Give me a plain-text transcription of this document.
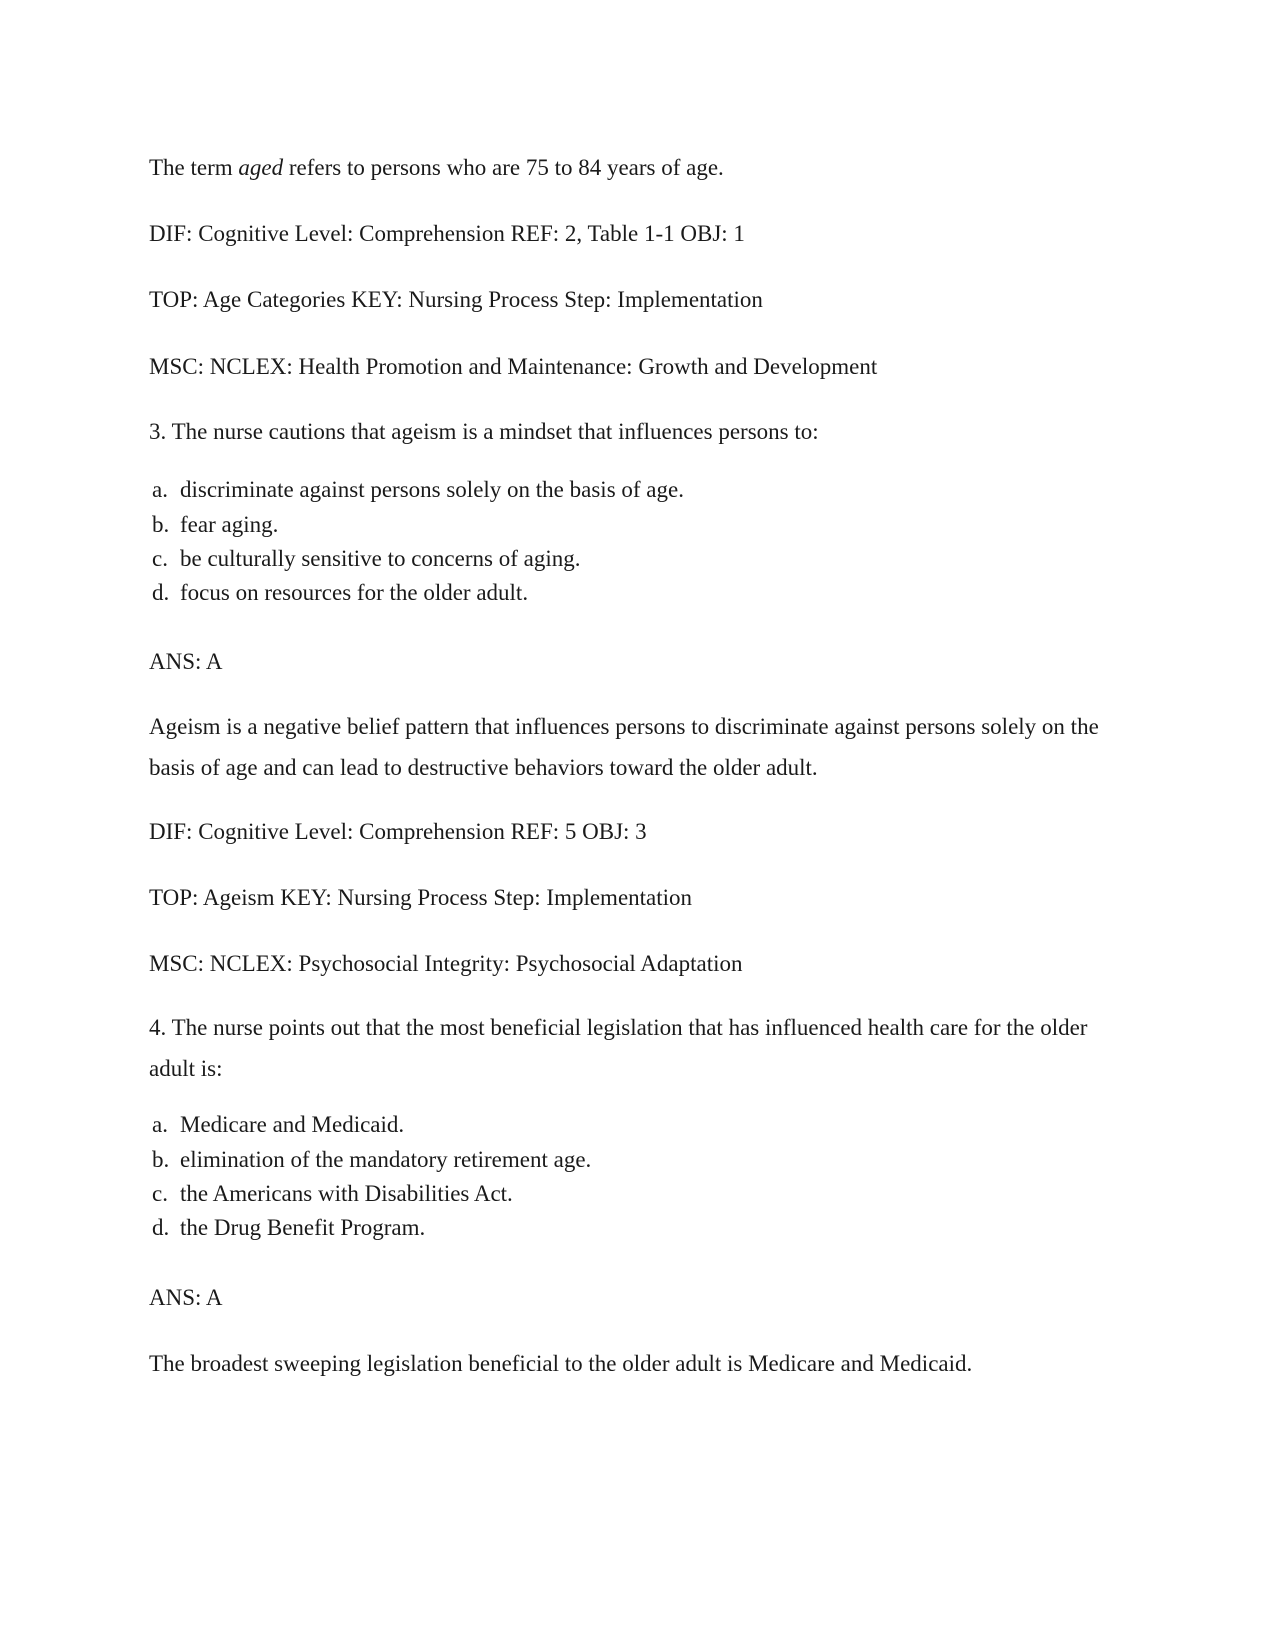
The term aged refers to persons who are 75 to 84 years of age.
DIF: Cognitive Level: Comprehension REF: 2, Table 1-1 OBJ: 1
TOP: Age Categories KEY: Nursing Process Step: Implementation
MSC: NCLEX: Health Promotion and Maintenance: Growth and Development
3. The nurse cautions that ageism is a mindset that influences persons to:
a. discriminate against persons solely on the basis of age.
b. fear aging.
c. be culturally sensitive to concerns of aging.
d. focus on resources for the older adult.
ANS: A
Ageism is a negative belief pattern that influences persons to discriminate against persons solely on the basis of age and can lead to destructive behaviors toward the older adult.
DIF: Cognitive Level: Comprehension REF: 5 OBJ: 3
TOP: Ageism KEY: Nursing Process Step: Implementation
MSC: NCLEX: Psychosocial Integrity: Psychosocial Adaptation
4. The nurse points out that the most beneficial legislation that has influenced health care for the older adult is:
a. Medicare and Medicaid.
b. elimination of the mandatory retirement age.
c. the Americans with Disabilities Act.
d. the Drug Benefit Program.
ANS: A
The broadest sweeping legislation beneficial to the older adult is Medicare and Medicaid.
